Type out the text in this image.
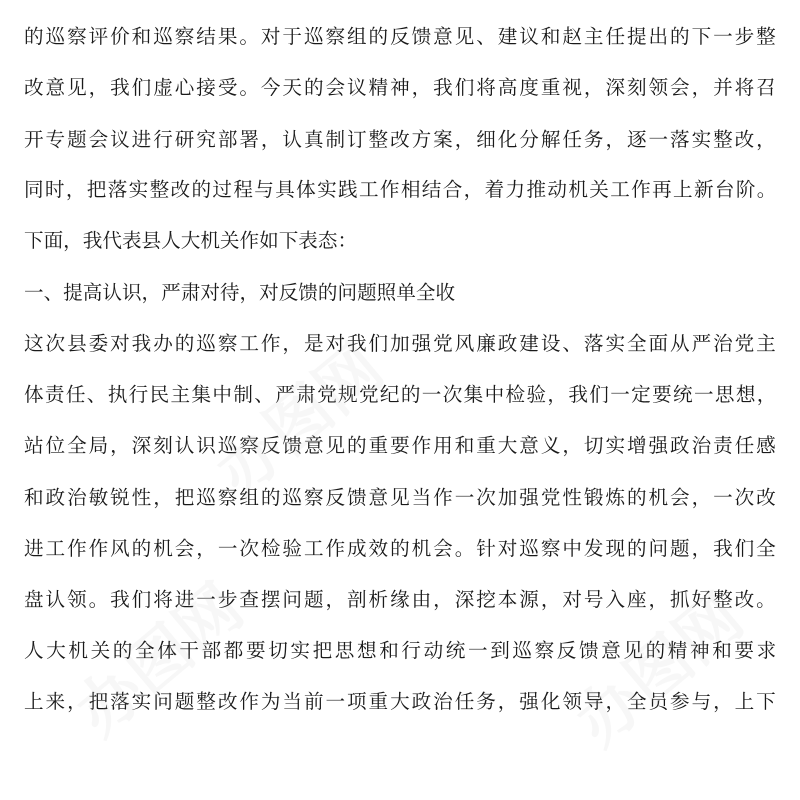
的巡察评价和巡察结果。对于巡察组的反馈意见、建议和赵主任提出的下一步整
改意见，我们虚心接受。今天的会议精神，我们将高度重视，深刻领会，并将召
开专题会议进行研究部署，认真制订整改方案，细化分解任务，逐一落实整改，
同时，把落实整改的过程与具体实践工作相结合，着力推动机关工作再上新台阶。
下面，我代表县人大机关作如下表态：
一、提高认识，严肃对待，对反馈的问题照单全收
这次县委对我办的巡察工作，是对我们加强党风廉政建设、落实全面从严治党主
体责任、执行民主集中制、严肃党规党纪的一次集中检验，我们一定要统一思想，
站位全局，深刻认识巡察反馈意见的重要作用和重大意义，切实增强政治责任感
和政治敏锐性，把巡察组的巡察反馈意见当作一次加强党性锻炼的机会，一次改
进工作作风的机会，一次检验工作成效的机会。针对巡察中发现的问题，我们全
盘认领。我们将进一步查摆问题，剖析缘由，深挖本源，对号入座，抓好整改。
人大机关的全体干部都要切实把思想和行动统一到巡察反馈意见的精神和要求
上来，把落实问题整改作为当前一项重大政治任务，强化领导，全员参与，上下
办图网
办图网
办图网
